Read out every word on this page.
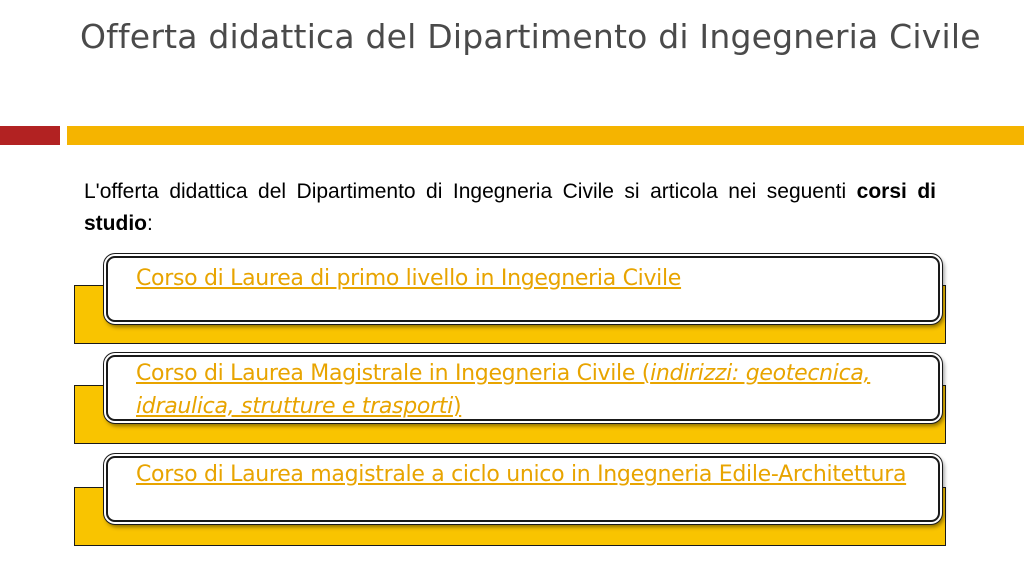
Offerta didattica del Dipartimento di Ingegneria Civile
L'offerta didattica del Dipartimento di Ingegneria Civile si articola nei seguenti corsi di studio:
Corso di Laurea di primo livello in Ingegneria Civile
Corso di Laurea Magistrale in Ingegneria Civile (indirizzi: geotecnica, idraulica, strutture e trasporti)
Corso di Laurea magistrale a ciclo unico in Ingegneria Edile-Architettura
